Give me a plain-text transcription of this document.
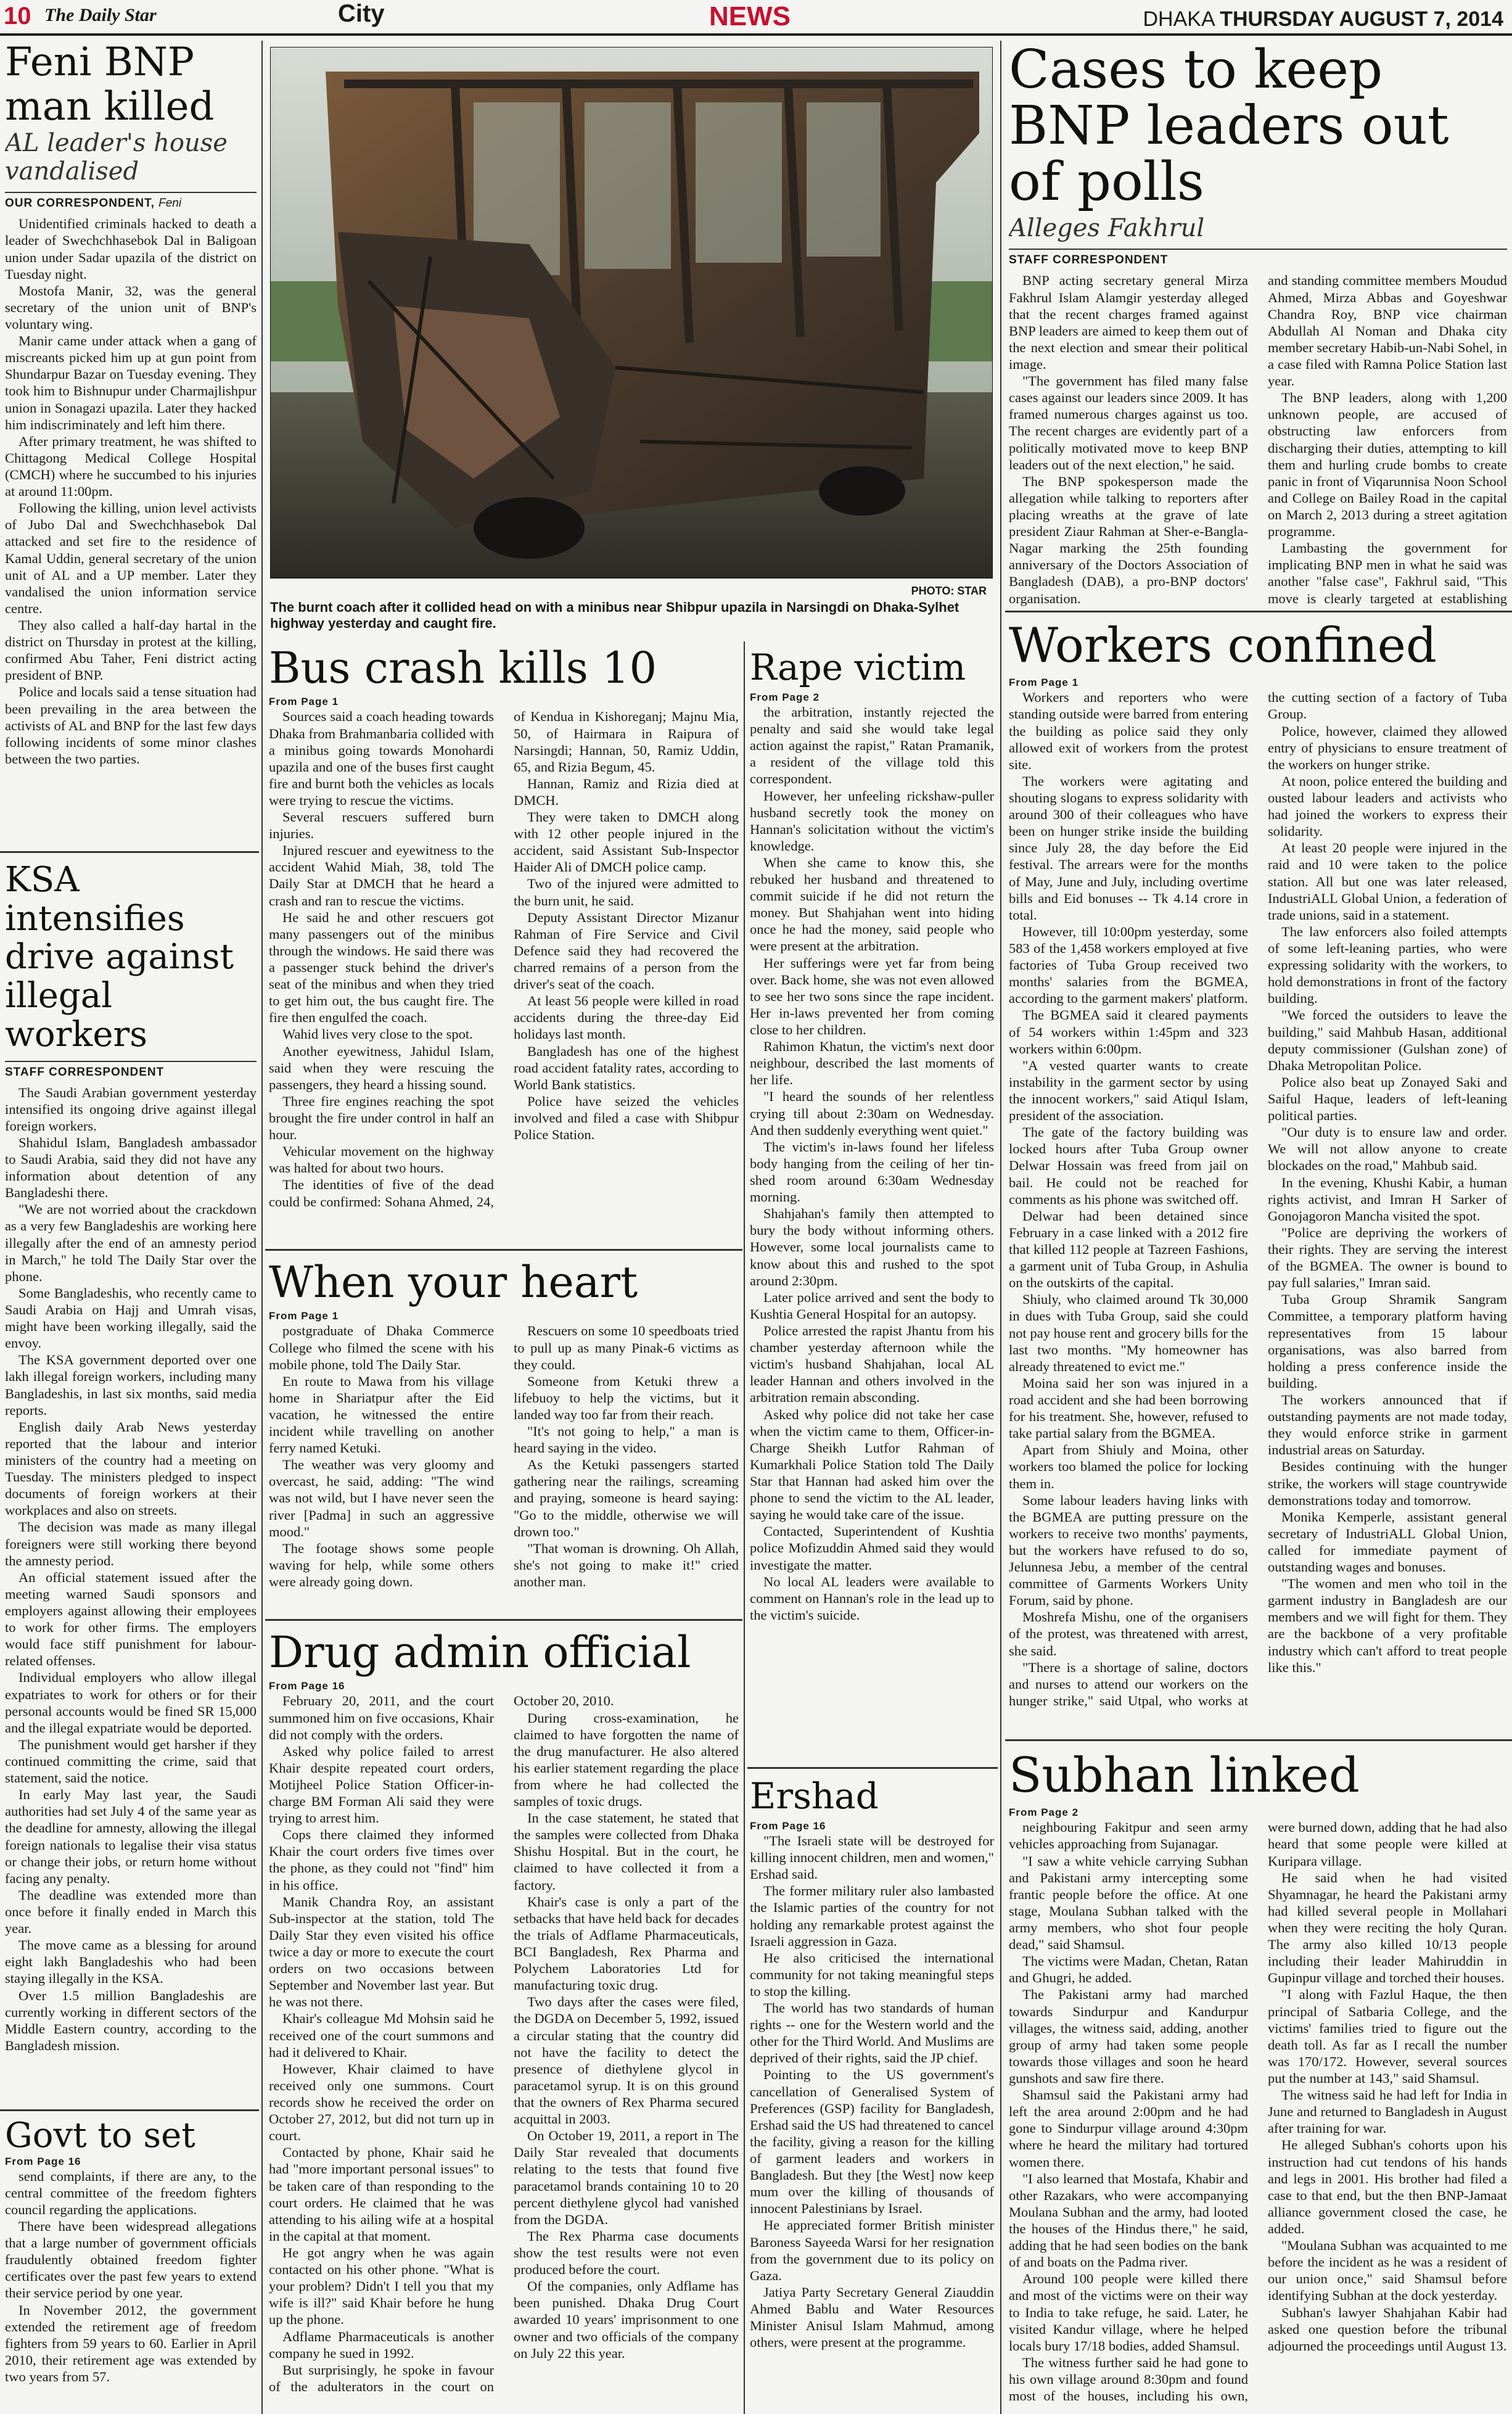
10 The Daily Star	City	NEWS	DHAKA THURSDAY AUGUST 7, 2014
Feni BNP man killed
AL leader's house vandalised
OUR CORRESPONDENT, Feni

Unidentified criminals hacked to death a leader of Swechchhasebok Dal in Baligoan union under Sadar upazila of the district on Tuesday night.

Mostofa Manir, 32, was the general secretary of the union unit of BNP's voluntary wing.

Manir came under attack when a gang of miscreants picked him up at gun point from Shundarpur Bazar on Tuesday evening. They took him to Bishnupur under Charmajlishpur union in Sonagazi upazila. Later they hacked him indiscriminately and left him there.

After primary treatment, he was shifted to Chittagong Medical College Hospital (CMCH) where he succumbed to his injuries at around 11:00pm.

Following the killing, union level activists of Jubo Dal and Swechchhasebok Dal attacked and set fire to the residence of Kamal Uddin, general secretary of the union unit of AL and a UP member. Later they vandalised the union information service centre.

They also called a half-day hartal in the district on Thursday in protest at the killing, confirmed Abu Taher, Feni district acting president of BNP.

Police and locals said a tense situation had been prevailing in the area between the activists of AL and BNP for the last few days following incidents of some minor clashes between the two parties.

KSA intensifies drive against illegal workers
STAFF CORRESPONDENT

The Saudi Arabian government yesterday intensified its ongoing drive against illegal foreign workers.

Shahidul Islam, Bangladesh ambassador to Saudi Arabia, said they did not have any information about detention of any Bangladeshi there.

"We are not worried about the crackdown as a very few Bangladeshis are working here illegally after the end of an amnesty period in March," he told The Daily Star over the phone.

Some Bangladeshis, who recently came to Saudi Arabia on Hajj and Umrah visas, might have been working illegally, said the envoy.

The KSA government deported over one lakh illegal foreign workers, including many Bangladeshis, in last six months, said media reports.

English daily Arab News yesterday reported that the labour and interior ministers of the country had a meeting on Tuesday. The ministers pledged to inspect documents of foreign workers at their workplaces and also on streets.

The decision was made as many illegal foreigners were still working there beyond the amnesty period.

An official statement issued after the meeting warned Saudi sponsors and employers against allowing their employees to work for other firms. The employers would face stiff punishment for labour-related offenses.

Individual employers who allow illegal expatriates to work for others or for their personal accounts would be fined SR 15,000 and the illegal expatriate would be deported.

The punishment would get harsher if they continued committing the crime, said that statement, said the notice.

In early May last year, the Saudi authorities had set July 4 of the same year as the deadline for amnesty, allowing the illegal foreign nationals to legalise their visa status or change their jobs, or return home without facing any penalty.

The deadline was extended more than once before it finally ended in March this year.

The move came as a blessing for around eight lakh Bangladeshis who had been staying illegally in the KSA.

Over 1.5 million Bangladeshis are currently working in different sectors of the Middle Eastern country, according to the Bangladesh mission.

Govt to set
From Page 16

send complaints, if there are any, to the central committee of the freedom fighters council regarding the applications.

There have been widespread allegations that a large number of government officials fraudulently obtained freedom fighter certificates over the past few years to extend their service period by one year.

In November 2012, the government extended the retirement age of freedom fighters from 59 years to 60. Earlier in April 2010, their retirement age was extended by two years from 57.

PHOTO: STAR
The burnt coach after it collided head on with a minibus near Shibpur upazila in Narsingdi on Dhaka-Sylhet highway yesterday and caught fire.
Bus crash kills 10
From Page 1

Sources said a coach heading towards Dhaka from Brahmanbaria collided with a minibus going towards Monohardi upazila and one of the buses first caught fire and burnt both the vehicles as locals were trying to rescue the victims.

Several rescuers suffered burn injuries.

Injured rescuer and eyewitness to the accident Wahid Miah, 38, told The Daily Star at DMCH that he heard a crash and ran to rescue the victims.

He said he and other rescuers got many passengers out of the minibus through the windows. He said there was a passenger stuck behind the driver's seat of the minibus and when they tried to get him out, the bus caught fire. The fire then engulfed the coach.

Wahid lives very close to the spot.

Another eyewitness, Jahidul Islam, said when they were rescuing the passengers, they heard a hissing sound.

Three fire engines reaching the spot brought the fire under control in half an hour.

Vehicular movement on the highway was halted for about two hours.

The identities of five of the dead could be confirmed: Sohana Ahmed, 24, of Kendua in Kishoreganj; Majnu Mia, 50, of Hairmara in Raipura of Narsingdi; Hannan, 50, Ramiz Uddin, 65, and Rizia Begum, 45.

Hannan, Ramiz and Rizia died at DMCH.

They were taken to DMCH along with 12 other people injured in the accident, said Assistant Sub-Inspector Haider Ali of DMCH police camp.

Two of the injured were admitted to the burn unit, he said.

Deputy Assistant Director Mizanur Rahman of Fire Service and Civil Defence said they had recovered the charred remains of a person from the driver's seat of the coach.

At least 56 people were killed in road accidents during the three-day Eid holidays last month.

Bangladesh has one of the highest road accident fatality rates, according to World Bank statistics.

Police have seized the vehicles involved and filed a case with Shibpur Police Station.

When your heart
From Page 1

postgraduate of Dhaka Commerce College who filmed the scene with his mobile phone, told The Daily Star.

En route to Mawa from his village home in Shariatpur after the Eid vacation, he witnessed the entire incident while travelling on another ferry named Ketuki.

The weather was very gloomy and overcast, he said, adding: "The wind was not wild, but I have never seen the river [Padma] in such an aggressive mood."

The footage shows some people waving for help, while some others were already going down.

Rescuers on some 10 speedboats tried to pull up as many Pinak-6 victims as they could.

Someone from Ketuki threw a lifebuoy to help the victims, but it landed way too far from their reach.

"It's not going to help," a man is heard saying in the video.

As the Ketuki passengers started gathering near the railings, screaming and praying, someone is heard saying: "Go to the middle, otherwise we will drown too."

"That woman is drowning. Oh Allah, she's not going to make it!" cried another man.

Drug admin official
From Page 16

February 20, 2011, and the court summoned him on five occasions, Khair did not comply with the orders.

Asked why police failed to arrest Khair despite repeated court orders, Motijheel Police Station Officer-in-charge BM Forman Ali said they were trying to arrest him.

Cops there claimed they informed Khair the court orders five times over the phone, as they could not "find" him in his office.

Manik Chandra Roy, an assistant Sub-inspector at the station, told The Daily Star they even visited his office twice a day or more to execute the court orders on two occasions between September and November last year. But he was not there.

Khair's colleague Md Mohsin said he received one of the court summons and had it delivered to Khair.

However, Khair claimed to have received only one summons. Court records show he received the order on October 27, 2012, but did not turn up in court.

Contacted by phone, Khair said he had "more important personal issues" to be taken care of than responding to the court orders. He claimed that he was attending to his ailing wife at a hospital in the capital at that moment.

He got angry when he was again contacted on his other phone. "What is your problem? Didn't I tell you that my wife is ill?" said Khair before he hung up the phone.

Adflame Pharmaceuticals is another company he sued in 1992.

But surprisingly, he spoke in favour of the adulterators in the court on October 20, 2010.

During cross-examination, he claimed to have forgotten the name of the drug manufacturer. He also altered his earlier statement regarding the place from where he had collected the samples of toxic drugs.

In the case statement, he stated that the samples were collected from Dhaka Shishu Hospital. But in the court, he claimed to have collected it from a factory.

Khair's case is only a part of the setbacks that have held back for decades the trials of Adflame Pharmaceuticals, BCI Bangladesh, Rex Pharma and Polychem Laboratories Ltd for manufacturing toxic drug.

Two days after the cases were filed, the DGDA on December 5, 1992, issued a circular stating that the country did not have the facility to detect the presence of diethylene glycol in paracetamol syrup. It is on this ground that the owners of Rex Pharma secured acquittal in 2003.

On October 19, 2011, a report in The Daily Star revealed that documents relating to the tests that found five paracetamol brands containing 10 to 20 percent diethylene glycol had vanished from the DGDA.

The Rex Pharma case documents show the test results were not even produced before the court.

Of the companies, only Adflame has been punished. Dhaka Drug Court awarded 10 years' imprisonment to one owner and two officials of the company on July 22 this year.

Rape victim
From Page 2

the arbitration, instantly rejected the penalty and said she would take legal action against the rapist," Ratan Pramanik, a resident of the village told this correspondent.

However, her unfeeling rickshaw-puller husband secretly took the money on Hannan's solicitation without the victim's knowledge.

When she came to know this, she rebuked her husband and threatened to commit suicide if he did not return the money. But Shahjahan went into hiding once he had the money, said people who were present at the arbitration.

Her sufferings were yet far from being over. Back home, she was not even allowed to see her two sons since the rape incident. Her in-laws prevented her from coming close to her children.

Rahimon Khatun, the victim's next door neighbour, described the last moments of her life.

"I heard the sounds of her relentless crying till about 2:30am on Wednesday. And then suddenly everything went quiet."

The victim's in-laws found her lifeless body hanging from the ceiling of her tin-shed room around 6:30am Wednesday morning.

Shahjahan's family then attempted to bury the body without informing others. However, some local journalists came to know about this and rushed to the spot around 2:30pm.

Later police arrived and sent the body to Kushtia General Hospital for an autopsy.

Police arrested the rapist Jhantu from his chamber yesterday afternoon while the victim's husband Shahjahan, local AL leader Hannan and others involved in the arbitration remain absconding.

Asked why police did not take her case when the victim came to them, Officer-in-Charge Sheikh Lutfor Rahman of Kumarkhali Police Station told The Daily Star that Hannan had asked him over the phone to send the victim to the AL leader, saying he would take care of the issue.

Contacted, Superintendent of Kushtia police Mofizuddin Ahmed said they would investigate the matter.

No local AL leaders were available to comment on Hannan's role in the lead up to the victim's suicide.

Ershad
From Page 16

"The Israeli state will be destroyed for killing innocent children, men and women," Ershad said.

The former military ruler also lambasted the Islamic parties of the country for not holding any remarkable protest against the Israeli aggression in Gaza.

He also criticised the international community for not taking meaningful steps to stop the killing.

The world has two standards of human rights -- one for the Western world and the other for the Third World. And Muslims are deprived of their rights, said the JP chief.

Pointing to the US government's cancellation of Generalised System of Preferences (GSP) facility for Bangladesh, Ershad said the US had threatened to cancel the facility, giving a reason for the killing of garment leaders and workers in Bangladesh. But they [the West] now keep mum over the killing of thousands of innocent Palestinians by Israel.

He appreciated former British minister Baroness Sayeeda Warsi for her resignation from the government due to its policy on Gaza.

Jatiya Party Secretary General Ziauddin Ahmed Bablu and Water Resources Minister Anisul Islam Mahmud, among others, were present at the programme.

Cases to keep BNP leaders out of polls
Alleges Fakhrul
STAFF CORRESPONDENT

BNP acting secretary general Mirza Fakhrul Islam Alamgir yesterday alleged that the recent charges framed against BNP leaders are aimed to keep them out of the next election and smear their political image.

"The government has filed many false cases against our leaders since 2009. It has framed numerous charges against us too. The recent charges are evidently part of a politically motivated move to keep BNP leaders out of the next election," he said.

The BNP spokesperson made the allegation while talking to reporters after placing wreaths at the grave of late president Ziaur Rahman at Sher-e-Bangla-Nagar marking the 25th founding anniversary of the Doctors Association of Bangladesh (DAB), a pro-BNP doctors' organisation.

and standing committee members Moudud Ahmed, Mirza Abbas and Goyeshwar Chandra Roy, BNP vice chairman Abdullah Al Noman and Dhaka city member secretary Habib-un-Nabi Sohel, in a case filed with Ramna Police Station last year.

The BNP leaders, along with 1,200 unknown people, are accused of obstructing law enforcers from discharging their duties, attempting to kill them and hurling crude bombs to create panic in front of Viqarunnisa Noon School and College on Bailey Road in the capital on March 2, 2013 during a street agitation programme.

Lambasting the government for implicating BNP men in what he said was another "false case", Fakhrul said, "This move is clearly targeted at establishing

Workers confined
From Page 1

Workers and reporters who were standing outside were barred from entering the building as police said they only allowed exit of workers from the protest site.

The workers were agitating and shouting slogans to express solidarity with around 300 of their colleagues who have been on hunger strike inside the building since July 28, the day before the Eid festival. The arrears were for the months of May, June and July, including overtime bills and Eid bonuses -- Tk 4.14 crore in total.

However, till 10:00pm yesterday, some 583 of the 1,458 workers employed at five factories of Tuba Group received two months' salaries from the BGMEA, according to the garment makers' platform.

The BGMEA said it cleared payments of 54 workers within 1:45pm and 323 workers within 6:00pm.

"A vested quarter wants to create instability in the garment sector by using the innocent workers," said Atiqul Islam, president of the association.

The gate of the factory building was locked hours after Tuba Group owner Delwar Hossain was freed from jail on bail. He could not be reached for comments as his phone was switched off.

Delwar had been detained since February in a case linked with a 2012 fire that killed 112 people at Tazreen Fashions, a garment unit of Tuba Group, in Ashulia on the outskirts of the capital.

Shiuly, who claimed around Tk 30,000 in dues with Tuba Group, said she could not pay house rent and grocery bills for the last two months. "My homeowner has already threatened to evict me."

Moina said her son was injured in a road accident and she had been borrowing for his treatment. She, however, refused to take partial salary from the BGMEA.

Apart from Shiuly and Moina, other workers too blamed the police for locking them in.

Some labour leaders having links with the BGMEA are putting pressure on the workers to receive two months' payments, but the workers have refused to do so, Jelunnesa Jebu, a member of the central committee of Garments Workers Unity Forum, said by phone.

Moshrefa Mishu, one of the organisers of the protest, was threatened with arrest, she said.

"There is a shortage of saline, doctors and nurses to attend our workers on the hunger strike," said Utpal, who works at the cutting section of a factory of Tuba Group.

Police, however, claimed they allowed entry of physicians to ensure treatment of the workers on hunger strike.

At noon, police entered the building and ousted labour leaders and activists who had joined the workers to express their solidarity.

At least 20 people were injured in the raid and 10 were taken to the police station. All but one was later released, IndustriALL Global Union, a federation of trade unions, said in a statement.

The law enforcers also foiled attempts of some left-leaning parties, who were expressing solidarity with the workers, to hold demonstrations in front of the factory building.

"We forced the outsiders to leave the building," said Mahbub Hasan, additional deputy commissioner (Gulshan zone) of Dhaka Metropolitan Police.

Police also beat up Zonayed Saki and Saiful Haque, leaders of left-leaning political parties.

"Our duty is to ensure law and order. We will not allow anyone to create blockades on the road," Mahbub said.

In the evening, Khushi Kabir, a human rights activist, and Imran H Sarker of Gonojagoron Mancha visited the spot.

"Police are depriving the workers of their rights. They are serving the interest of the BGMEA. The owner is bound to pay full salaries," Imran said.

Tuba Group Shramik Sangram Committee, a temporary platform having representatives from 15 labour organisations, was also barred from holding a press conference inside the building.

The workers announced that if outstanding payments are not made today, they would enforce strike in garment industrial areas on Saturday.

Besides continuing with the hunger strike, the workers will stage countrywide demonstrations today and tomorrow.

Monika Kemperle, assistant general secretary of IndustriALL Global Union, called for immediate payment of outstanding wages and bonuses.

"The women and men who toil in the garment industry in Bangladesh are our members and we will fight for them. They are the backbone of a very profitable industry which can't afford to treat people like this."

Subhan linked
From Page 2

neighbouring Fakitpur and seen army vehicles approaching from Sujanagar.

"I saw a white vehicle carrying Subhan and Pakistani army intercepting some frantic people before the office. At one stage, Moulana Subhan talked with the army members, who shot four people dead," said Shamsul.

The victims were Madan, Chetan, Ratan and Ghugri, he added.

The Pakistani army had marched towards Sindurpur and Kandurpur villages, the witness said, adding, another group of army had taken some people towards those villages and soon he heard gunshots and saw fire there.

Shamsul said the Pakistani army had left the area around 2:00pm and he had gone to Sindurpur village around 4:30pm where he heard the military had tortured women there.

"I also learned that Mostafa, Khabir and other Razakars, who were accompanying Moulana Subhan and the army, had looted the houses of the Hindus there," he said, adding that he had seen bodies on the bank of and boats on the Padma river.

Around 100 people were killed there and most of the victims were on their way to India to take refuge, he said. Later, he visited Kandur village, where he helped locals bury 17/18 bodies, added Shamsul.

The witness further said he had gone to his own village around 8:30pm and found most of the houses, including his own, were burned down, adding that he had also heard that some people were killed at Kuripara village.

He said when he had visited Shyamnagar, he heard the Pakistani army had killed several people in Mollahari when they were reciting the holy Quran. The army also killed 10/13 people including their leader Mahiruddin in Gupinpur village and torched their houses.

"I along with Fazlul Haque, the then principal of Satbaria College, and the victims' families tried to figure out the death toll. As far as I recall the number was 170/172. However, several sources put the number at 143," said Shamsul.

The witness said he had left for India in June and returned to Bangladesh in August after training for war.

He alleged Subhan's cohorts upon his instruction had cut tendons of his hands and legs in 2001. His brother had filed a case to that end, but the then BNP-Jamaat alliance government closed the case, he added.

"Moulana Subhan was acquainted to me before the incident as he was a resident of our union once," said Shamsul before identifying Subhan at the dock yesterday.

Subhan's lawyer Shahjahan Kabir had asked one question before the tribunal adjourned the proceedings until August 13.
